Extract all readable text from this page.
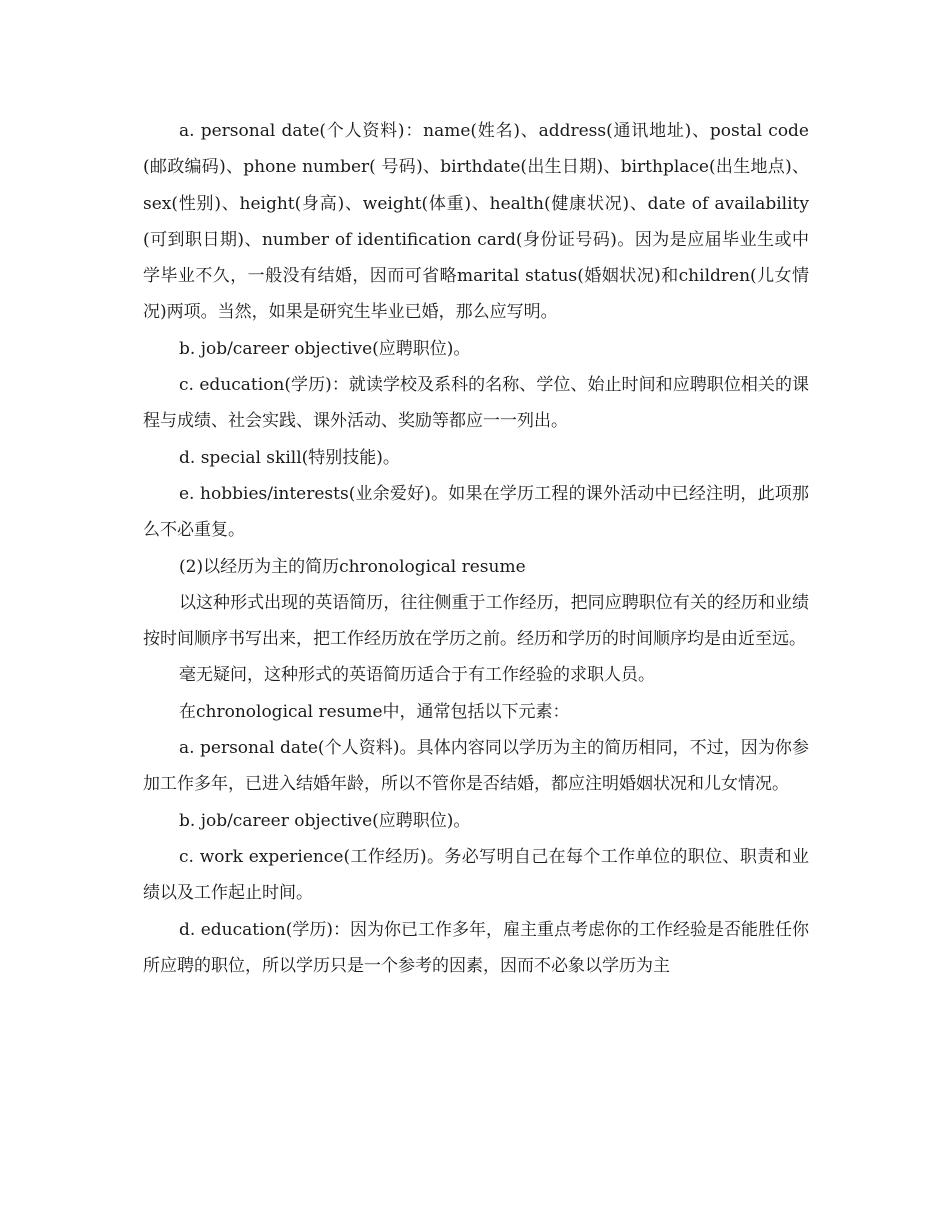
a. personal date(个人资料)：name(姓名)、address(通讯地址)、postal code(邮政编码)、phone number( 号码)、birthdate(出生日期)、birthplace(出生地点)、sex(性别)、height(身高)、weight(体重)、health(健康状况)、date of availability(可到职日期)、number of identification card(身份证号码)。因为是应届毕业生或中学毕业不久，一般没有结婚，因而可省略marital status(婚姻状况)和children(儿女情况)两项。当然，如果是研究生毕业已婚，那么应写明。

b. job/career objective(应聘职位)。

c. education(学历)：就读学校及系科的名称、学位、始止时间和应聘职位相关的课程与成绩、社会实践、课外活动、奖励等都应一一列出。

d. special skill(特别技能)。

e. hobbies/interests(业余爱好)。如果在学历工程的课外活动中已经注明，此项那么不必重复。

(2)以经历为主的简历chronological resume

以这种形式出现的英语简历，往往侧重于工作经历，把同应聘职位有关的经历和业绩按时间顺序书写出来，把工作经历放在学历之前。经历和学历的时间顺序均是由近至远。

毫无疑问，这种形式的英语简历适合于有工作经验的求职人员。

在chronological resume中，通常包括以下元素：

a. personal date(个人资料)。具体内容同以学历为主的简历相同，不过，因为你参加工作多年，已进入结婚年龄，所以不管你是否结婚，都应注明婚姻状况和儿女情况。

b. job/career objective(应聘职位)。

c. work experience(工作经历)。务必写明自己在每个工作单位的职位、职责和业绩以及工作起止时间。

d. education(学历)：因为你已工作多年，雇主重点考虑你的工作经验是否能胜任你所应聘的职位，所以学历只是一个参考的因素，因而不必象以学历为主
